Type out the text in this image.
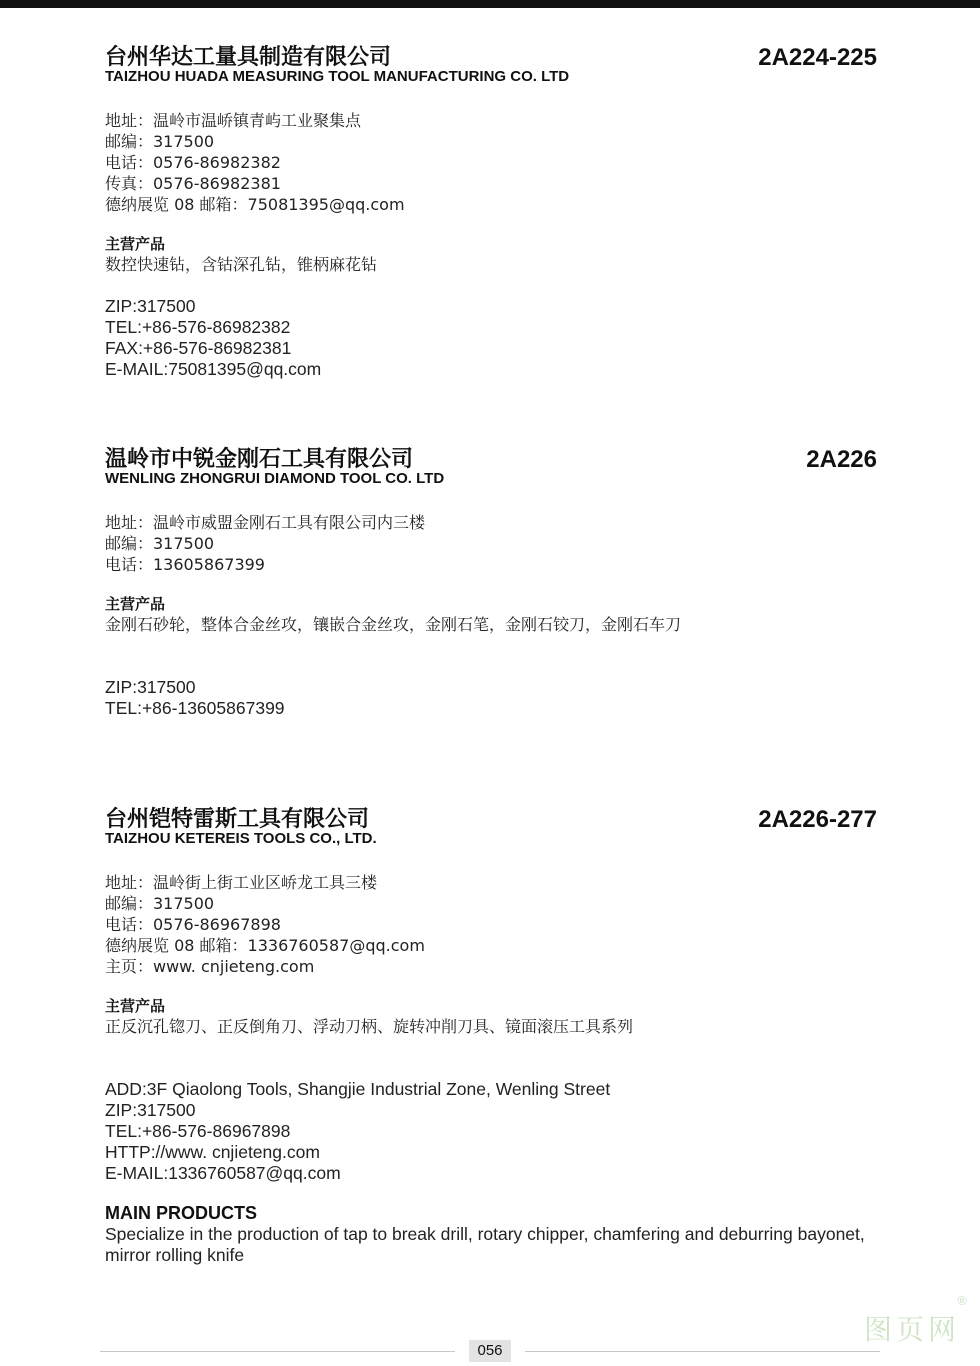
台州华达工量具制造有限公司	2A224-225
TAIZHOU HUADA MEASURING TOOL MANUFACTURING CO. LTD
地址：温岭市温峤镇青屿工业聚集点
邮编：317500
电话：0576-86982382
传真：0576-86982381
德纳展览 08 邮箱：75081395@qq.com
主营产品
数控快速钻，含钴深孔钻，锥柄麻花钻
ZIP:317500
TEL:+86-576-86982382
FAX:+86-576-86982381
E-MAIL:75081395@qq.com
温岭市中锐金刚石工具有限公司	2A226
WENLING ZHONGRUI DIAMOND TOOL CO. LTD
地址：温岭市威盟金刚石工具有限公司内三楼
邮编：317500
电话：13605867399
主营产品
金刚石砂轮，整体合金丝攻，镶嵌合金丝攻，金刚石笔，金刚石铰刀，金刚石车刀
ZIP:317500
TEL:+86-13605867399
台州铠特雷斯工具有限公司	2A226-277
TAIZHOU KETEREIS TOOLS CO., LTD.
地址：温岭街上街工业区峤龙工具三楼
邮编：317500
电话：0576-86967898
德纳展览 08 邮箱：1336760587@qq.com
主页：www. cnjieteng.com
主营产品
正反沉孔锪刀、正反倒角刀、浮动刀柄、旋转冲削刀具、镜面滚压工具系列
ADD:3F Qiaolong Tools, Shangjie Industrial Zone, Wenling Street
ZIP:317500
TEL:+86-576-86967898
HTTP://www. cnjieteng.com
E-MAIL:1336760587@qq.com
MAIN PRODUCTS
Specialize in the production of tap to break drill, rotary chipper, chamfering and deburring bayonet, mirror rolling knife
056
图页网
®
